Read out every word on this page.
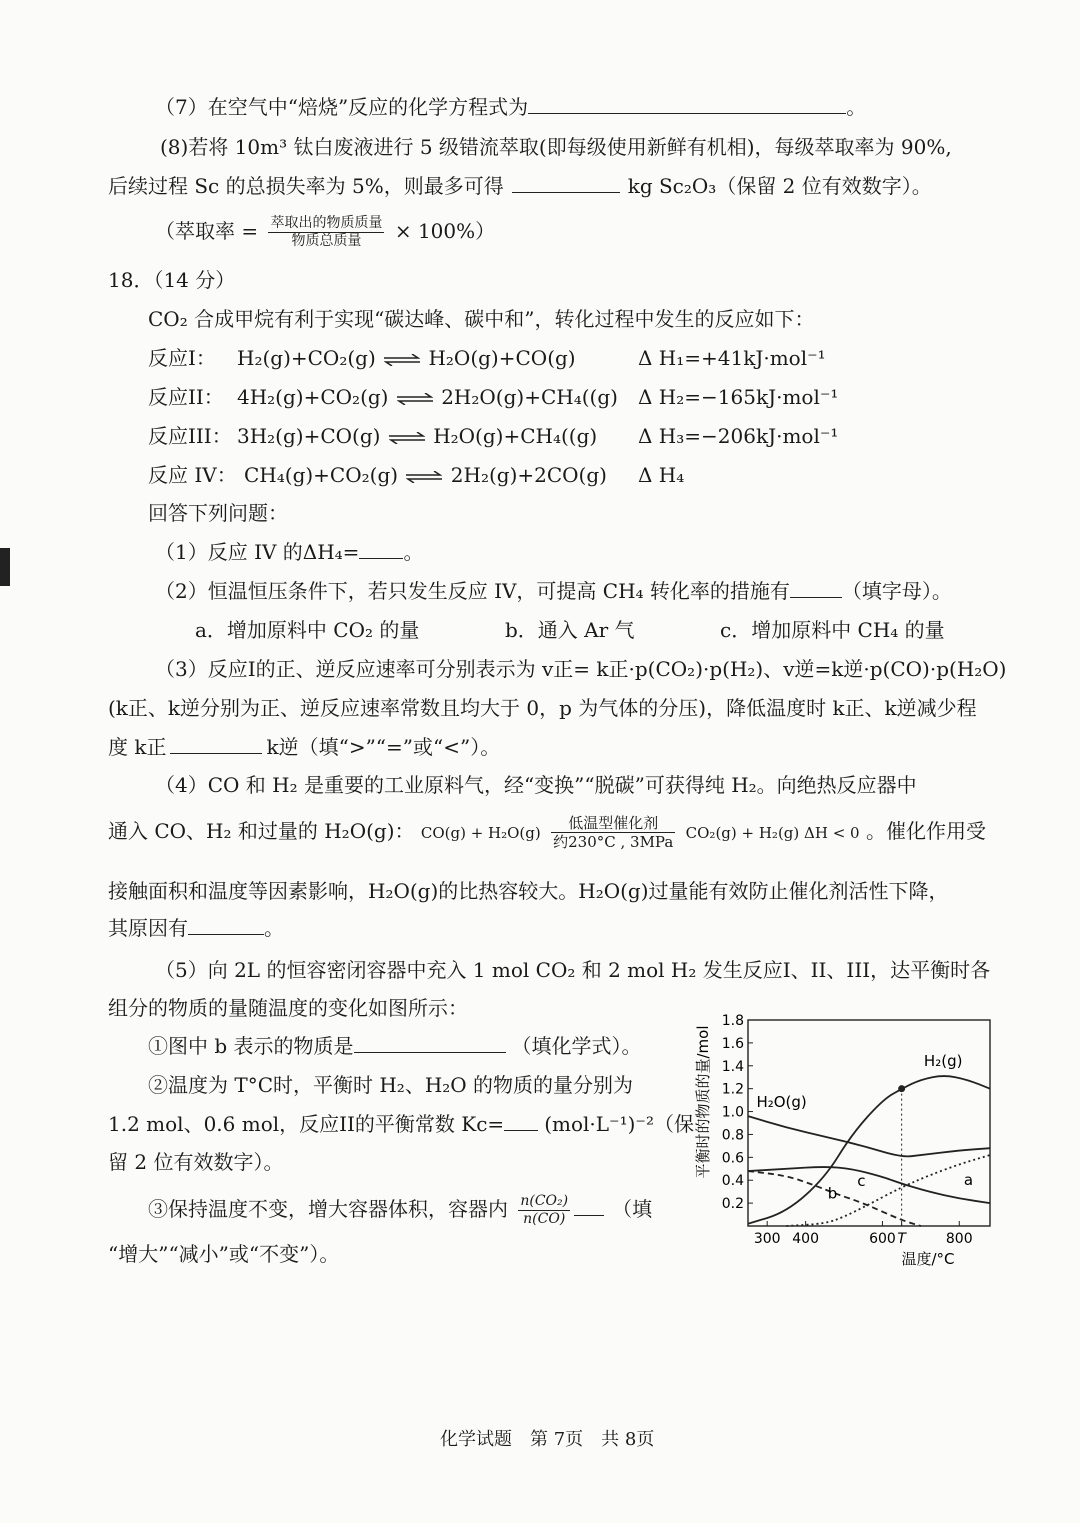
（7）在空气中“焙烧”反应的化学方程式为	。
(8)若将 10m³ 钛白废液进行 5 级错流萃取(即每级使用新鲜有机相)，每级萃取率为 90%,
后续过程 Sc 的总损失率为 5%，则最多可得	kg Sc₂O₃（保留 2 位有效数字）。
（萃取率 = $\frac{\text{萃取出的物质质量}}{\text{物质总质量}} \times 100\%$）
18．（14 分）
CO₂ 合成甲烷有利于实现“碳达峰、碳中和”，转化过程中发生的反应如下：
反应I： H₂(g)+CO₂(g) ⇌ H₂O(g)+CO(g)	Δ H₁=+41kJ·mol⁻¹
反应II： 4H₂(g)+CO₂(g) ⇌ 2H₂O(g)+CH₄((g) Δ H₂=−165kJ·mol⁻¹
反应III： 3H₂(g)+CO(g) ⇌ H₂O(g)+CH₄((g) Δ H₃=−206kJ·mol⁻¹
反应 IV： CH₄(g)+CO₂(g) ⇌ 2H₂(g)+2CO(g) Δ H₄
回答下列问题：
（1）反应 IV 的ΔH₄= 。
（2）恒温恒压条件下，若只发生反应 IV，可提高 CH₄ 转化率的措施有	（填字母）。
a．增加原料中 CO₂ 的量	b．通入 Ar 气	c．增加原料中 CH₄ 的量
（3）反应I的正、逆反应速率可分别表示为 v正= k正·p(CO₂)·p(H₂)、v逆=k逆·p(CO)·p(H₂O)
(k正、k逆分别为正、逆反应速率常数且均大于 0，p 为气体的分压)，降低温度时 k正、k逆减少程
度 k正	k逆（填“>”“=”或“<”）。
（4）CO 和 H₂ 是重要的工业原料气，经“变换”“脱碳”可获得纯 H₂。向绝热反应器中
通入 CO、H₂ 和过量的 H₂O(g)： CO(g) + H₂O(g)
低温型催化剂
约230°C , 3MPa CO₂(g) + H₂(g) ΔH < 0 。催化作用受
接触面积和温度等因素影响，H₂O(g)的比热容较大。H₂O(g)过量能有效防止催化剂活性下降，
其原因有	。
（5）向 2L 的恒容密闭容器中充入 1 mol CO₂ 和 2 mol H₂ 发生反应I、II、III，达平衡时各
组分的物质的量随温度的变化如图所示：
①图中 b 表示的物质是	（填化学式）。
②温度为 T°C时，平衡时 H₂、H₂O 的物质的量分别为
1.2 mol、0.6 mol，反应II的平衡常数 Kc= (mol·L⁻¹)⁻²（保
留 2 位有效数字）。
③保持温度不变，增大容器体积，容器内 $\frac{\text{n(CO₂)}}{n(CO)}$ （填
“增大”“减小”或“不变”）。
平衡时的物质的量/mol
温度/°C
0.2
0.4
0.6
0.8
1.0
1.2
1.4
1.6
1.8
300 400	600 T	800
H₂(g)
H₂O(g)
a
b
c
化学试题　第 7页　共 8页
